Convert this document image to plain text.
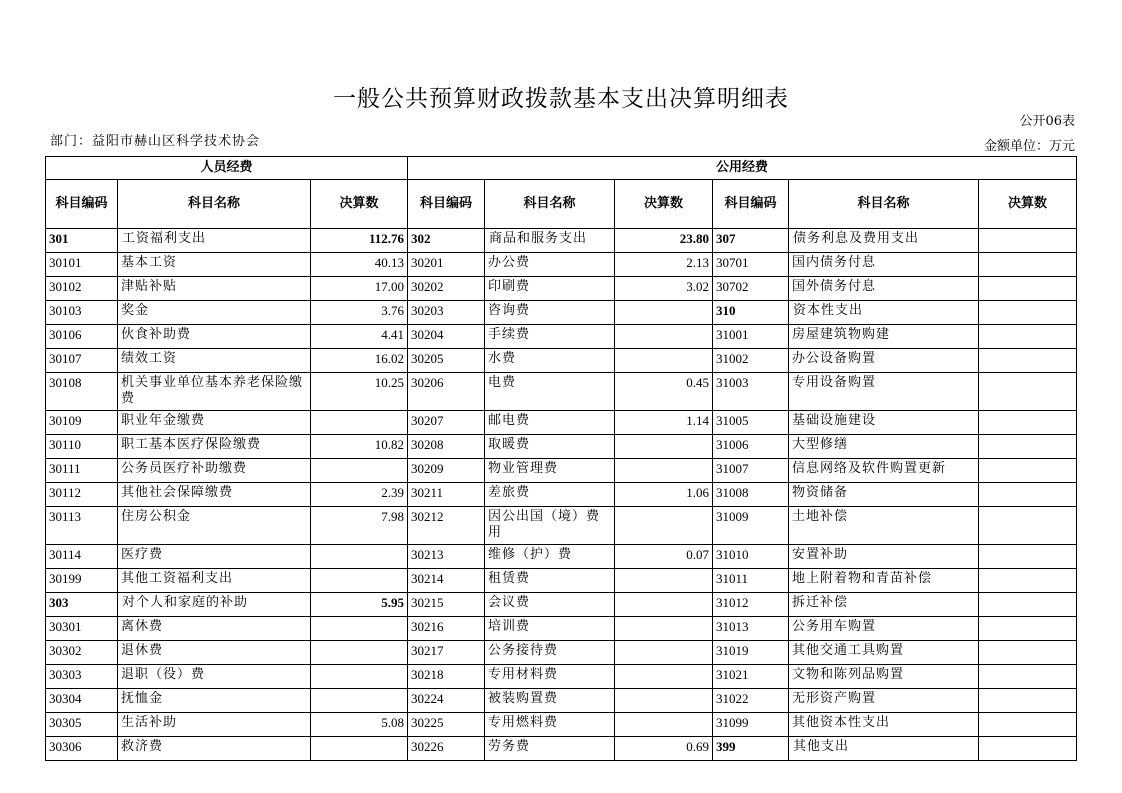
一般公共预算财政拨款基本支出决算明细表
公开06表
部门：益阳市赫山区科学技术协会	金额单位：万元
人员经费			公用经费					
科目编码	科目名称	决算数	科目编码	科目名称	决算数	科目编码	科目名称	决算数
301	工资福利支出	112.76	302	商品和服务支出	23.80	307	债务利息及费用支出	
30101	基本工资	40.13	30201	办公费	2.13	30701	国内债务付息	
30102	津贴补贴	17.00	30202	印刷费	3.02	30702	国外债务付息	
30103	奖金	3.76	30203	咨询费		310	资本性支出	
30106	伙食补助费	4.41	30204	手续费		31001	房屋建筑物购建	
30107	绩效工资	16.02	30205	水费		31002	办公设备购置	
30108	机关事业单位基本养老保险缴费	10.25	30206	电费	0.45	31003	专用设备购置	
30109	职业年金缴费		30207	邮电费	1.14	31005	基础设施建设	
30110	职工基本医疗保险缴费	10.82	30208	取暖费		31006	大型修缮	
30111	公务员医疗补助缴费		30209	物业管理费		31007	信息网络及软件购置更新	
30112	其他社会保障缴费	2.39	30211	差旅费	1.06	31008	物资储备	
30113	住房公积金	7.98	30212	因公出国（境）费用		31009	土地补偿	
30114	医疗费		30213	维修（护）费	0.07	31010	安置补助	
30199	其他工资福利支出		30214	租赁费		31011	地上附着物和青苗补偿	
303	对个人和家庭的补助	5.95	30215	会议费		31012	拆迁补偿	
30301	离休费		30216	培训费		31013	公务用车购置	
30302	退休费		30217	公务接待费		31019	其他交通工具购置	
30303	退职（役）费		30218	专用材料费		31021	文物和陈列品购置	
30304	抚恤金		30224	被装购置费		31022	无形资产购置	
30305	生活补助	5.08	30225	专用燃料费		31099	其他资本性支出	
30306	救济费		30226	劳务费	0.69	399	其他支出	
